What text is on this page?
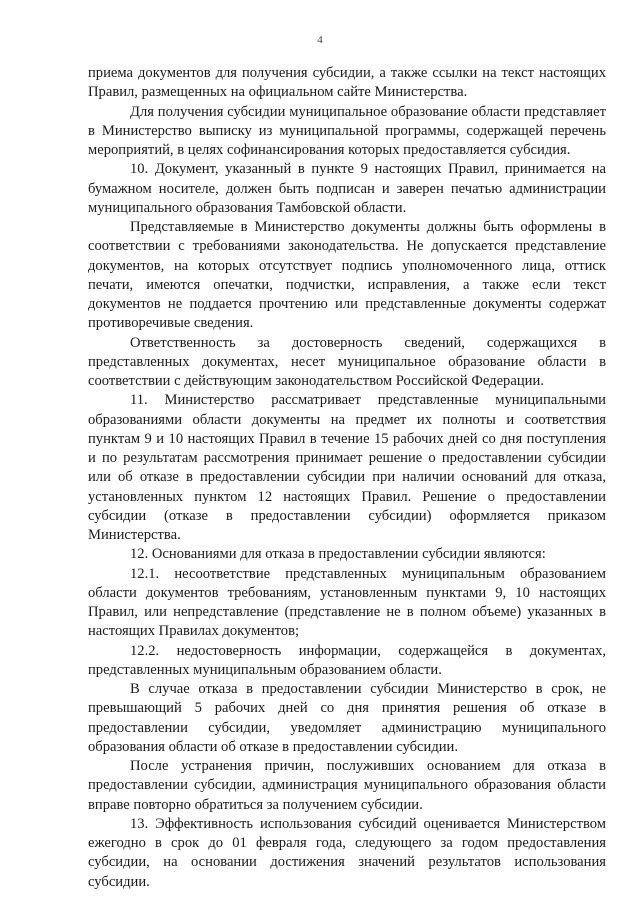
4

приема документов для получения субсидии, а также ссылки на текст настоящих Правил, размещенных на официальном сайте Министерства.

Для получения субсидии муниципальное образование области представляет в Министерство выписку из муниципальной программы, содержащей перечень мероприятий, в целях софинансирования которых предоставляется субсидия.

10. Документ, указанный в пункте 9 настоящих Правил, принимается на бумажном носителе, должен быть подписан и заверен печатью администрации муниципального образования Тамбовской области.

Представляемые в Министерство документы должны быть оформлены в соответствии с требованиями законодательства. Не допускается представление документов, на которых отсутствует подпись уполномоченного лица, оттиск печати, имеются опечатки, подчистки, исправления, а также если текст документов не поддается прочтению или представленные документы содержат противоречивые сведения.

Ответственность за достоверность сведений, содержащихся в представленных документах, несет муниципальное образование области в соответствии с действующим законодательством Российской Федерации.

11. Министерство рассматривает представленные муниципальными образованиями области документы на предмет их полноты и соответствия пунктам 9 и 10 настоящих Правил в течение 15 рабочих дней со дня поступления и по результатам рассмотрения принимает решение о предоставлении субсидии или об отказе в предоставлении субсидии при наличии оснований для отказа, установленных пунктом 12 настоящих Правил. Решение о предоставлении субсидии (отказе в предоставлении субсидии) оформляется приказом Министерства.

12. Основаниями для отказа в предоставлении субсидии являются:

12.1. несоответствие представленных муниципальным образованием области документов требованиям, установленным пунктами 9, 10 настоящих Правил, или непредставление (представление не в полном объеме) указанных в настоящих Правилах документов;

12.2. недостоверность информации, содержащейся в документах, представленных муниципальным образованием области.

В случае отказа в предоставлении субсидии Министерство в срок, не превышающий 5 рабочих дней со дня принятия решения об отказе в предоставлении субсидии, уведомляет администрацию муниципального образования области об отказе в предоставлении субсидии.

После устранения причин, послуживших основанием для отказа в предоставлении субсидии, администрация муниципального образования области вправе повторно обратиться за получением субсидии.

13. Эффективность использования субсидий оценивается Министерством ежегодно в срок до 01 февраля года, следующего за годом предоставления субсидии, на основании достижения значений результатов использования субсидии.
